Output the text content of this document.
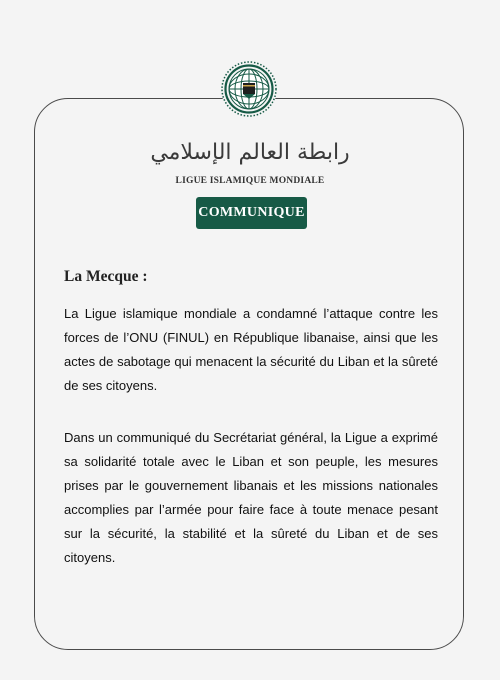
رابطة العالم الإسلامي
LIGUE ISLAMIQUE MONDIALE
COMMUNIQUE
La Mecque :

La Ligue islamique mondiale a condamné l’attaque contre les forces de l’ONU (FINUL) en République libanaise, ainsi que les actes de sabotage qui menacent la sécurité du Liban et la sûreté de ses citoyens.

Dans un communiqué du Secrétariat général, la Ligue a exprimé sa solidarité totale avec le Liban et son peuple, les mesures prises par le gouvernement libanais et les missions nationales accomplies par l’armée pour faire face à toute menace pesant sur la sécurité, la stabilité et la sûreté du Liban et de ses citoyens.
